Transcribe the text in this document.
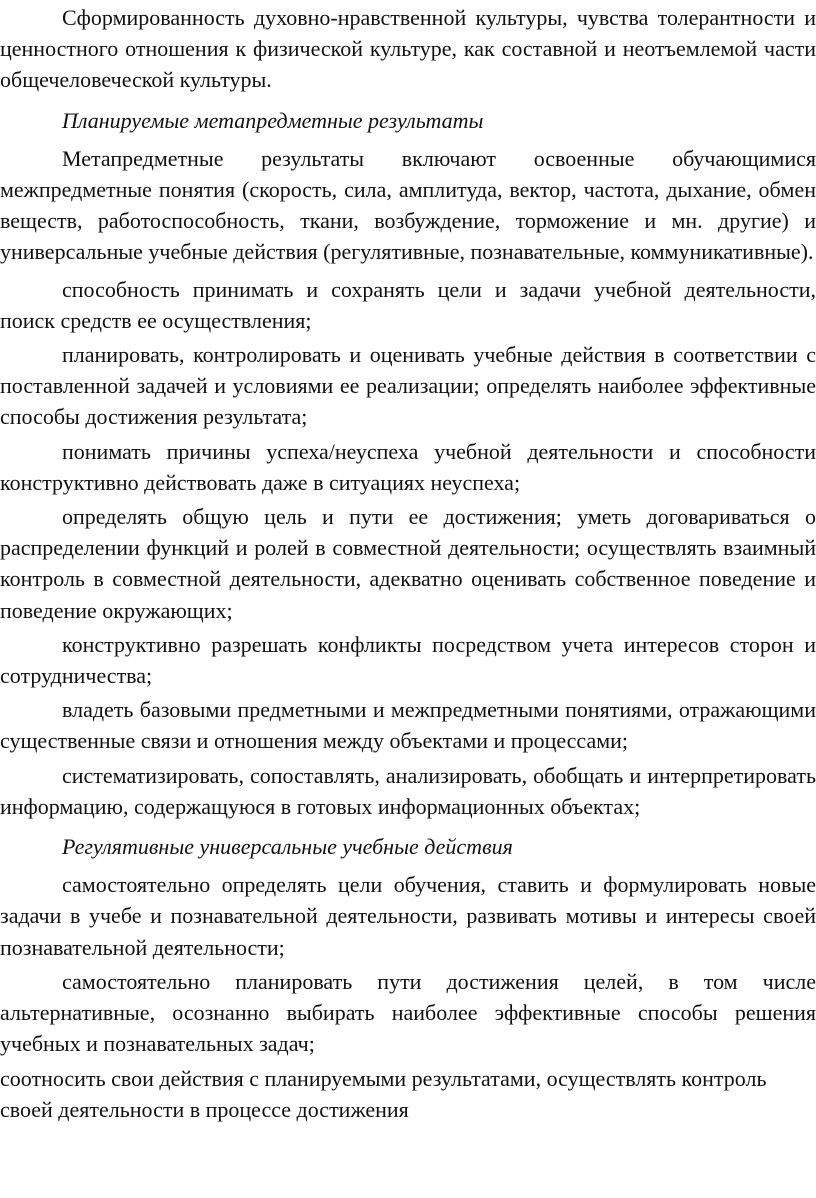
Сформированность духовно-нравственной культуры, чувства толерантности и ценностного отношения к физической культуре, как составной и неотъемлемой части общечеловеческой культуры.

Планируемые метапредметные результаты

Метапредметные результаты включают освоенные обучающимися межпредметные понятия (скорость, сила, амплитуда, вектор, частота, дыхание, обмен веществ, работоспособность, ткани, возбуждение, торможение и мн. другие) и универсальные учебные действия (регулятивные, познавательные, коммуникативные).

способность принимать и сохранять цели и задачи учебной деятельности, поиск средств ее осуществления;

планировать, контролировать и оценивать учебные действия в соответствии с поставленной задачей и условиями ее реализации; определять наиболее эффективные способы достижения результата;

понимать причины успеха/неуспеха учебной деятельности и способности конструктивно действовать даже в ситуациях неуспеха;

определять общую цель и пути ее достижения; уметь договариваться о распределении функций и ролей в совместной деятельности; осуществлять взаимный контроль в совместной деятельности, адекватно оценивать собственное поведение и поведение окружающих;

конструктивно разрешать конфликты посредством учета интересов сторон и сотрудничества;

владеть базовыми предметными и межпредметными понятиями, отражающими существенные связи и отношения между объектами и процессами;

систематизировать, сопоставлять, анализировать, обобщать и интерпретировать информацию, содержащуюся в готовых информационных объектах;

Регулятивные универсальные учебные действия

самостоятельно определять цели обучения, ставить и формулировать новые задачи в учебе и познавательной деятельности, развивать мотивы и интересы своей познавательной деятельности;

самостоятельно планировать пути достижения целей, в том числе альтернативные, осознанно выбирать наиболее эффективные способы решения учебных и познавательных задач;

соотносить свои действия с планируемыми результатами, осуществлять контроль своей деятельности в процессе достижения
